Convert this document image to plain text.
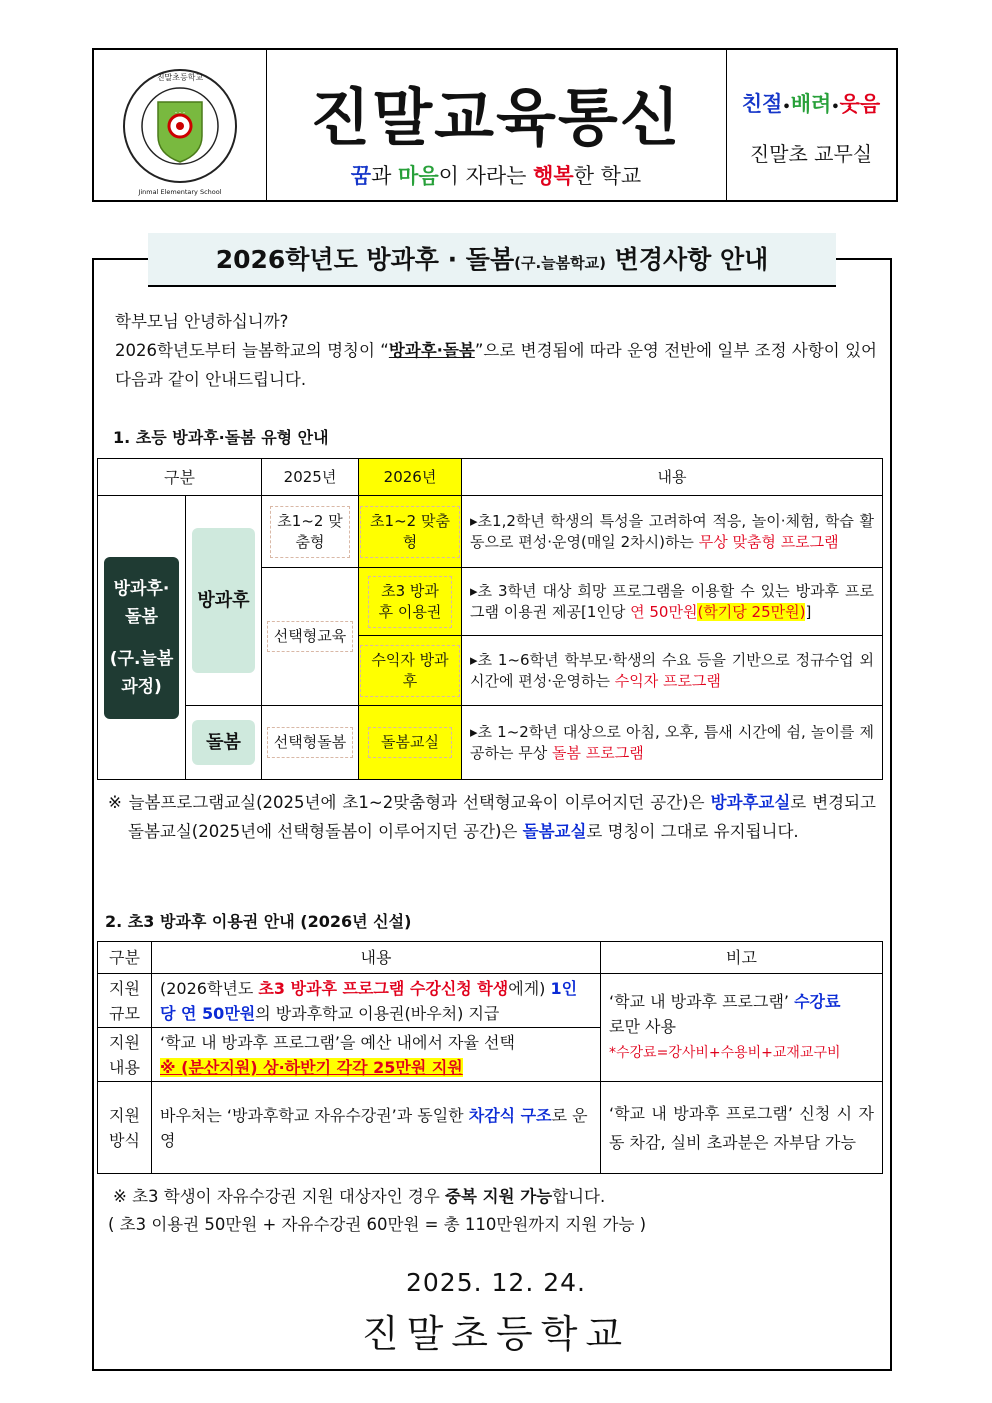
- - -
진말초등학교
Jinmal Elementary School
진말교육통신
꿈과 마음이 자라는 행복한 학교
친절•배려•웃음
진말초 교무실
2026학년도 방과후 · 돌봄(구.늘봄학교) 변경사항 안내
학부모님 안녕하십니까?
2026학년도부터 늘봄학교의 명칭이 “방과후·돌봄”으로 변경됨에 따라 운영 전반에 일부 조정 사항이 있어 다음과 같이 안내드립니다.
1. 초등 방과후·돌봄 유형 안내
구분		2025년	2026년	내용

방과후·
돌봄
(구.늘봄
과정)	방과후	초1~2 맞춤형	초1~2 맞춤형	▸초1,2학년 학생의 특성을 고려하여 적응, 놀이·체험, 학습 활동으로 편성·운영(매일 2차시)하는 무상 맞춤형 프로그램
		선택형교육	초3 방과후 이용권	▸초 3학년 대상 희망 프로그램을 이용할 수 있는 방과후 프로그램 이용권 제공[1인당 연 50만원(학기당 25만원)]
			수익자 방과후	▸초 1~6학년 학부모·학생의 수요 등을 기반으로 정규수업 외 시간에 편성·운영하는 수익자 프로그램

	돌봄	선택형돌봄	돌봄교실	▸초 1~2학년 대상으로 아침, 오후, 틈새 시간에 쉼, 놀이를 제공하는 무상 돌봄 프로그램
※ 늘봄프로그램교실(2025년에 초1~2맞춤형과 선택형교육이 이루어지던 공간)은 방과후교실로 변경되고 돌봄교실(2025년에 선택형돌봄이 이루어지던 공간)은 돌봄교실로 명칭이 그대로 유지됩니다.
2. 초3 방과후 이용권 안내 (2026년 신설)
구분	내용	비고
지원 규모	(2026학년도 초3 방과후 프로그램 수강신청 학생에게) 1인당 연 50만원의 방과후학교 이용권(바우처) 지급	‘학교 내 방과후 프로그램’ 수강료
로만 사용
*수강료=강사비+수용비+교재교구비
지원 내용	‘학교 내 방과후 프로그램’을 예산 내에서 자율 선택
※ (분산지원) 상·하반기 각각 25만원 지원	
지원 방식	바우처는 ‘방과후학교 자유수강권’과 동일한 차감식 구조로 운영	‘학교 내 방과후 프로그램’ 신청 시 자동 차감, 실비 초과분은 자부담 가능
※ 초3 학생이 자유수강권 지원 대상자인 경우 중복 지원 가능합니다.
( 초3 이용권 50만원 + 자유수강권 60만원 = 총 110만원까지 지원 가능 )
2025. 12. 24.
진말초등학교
